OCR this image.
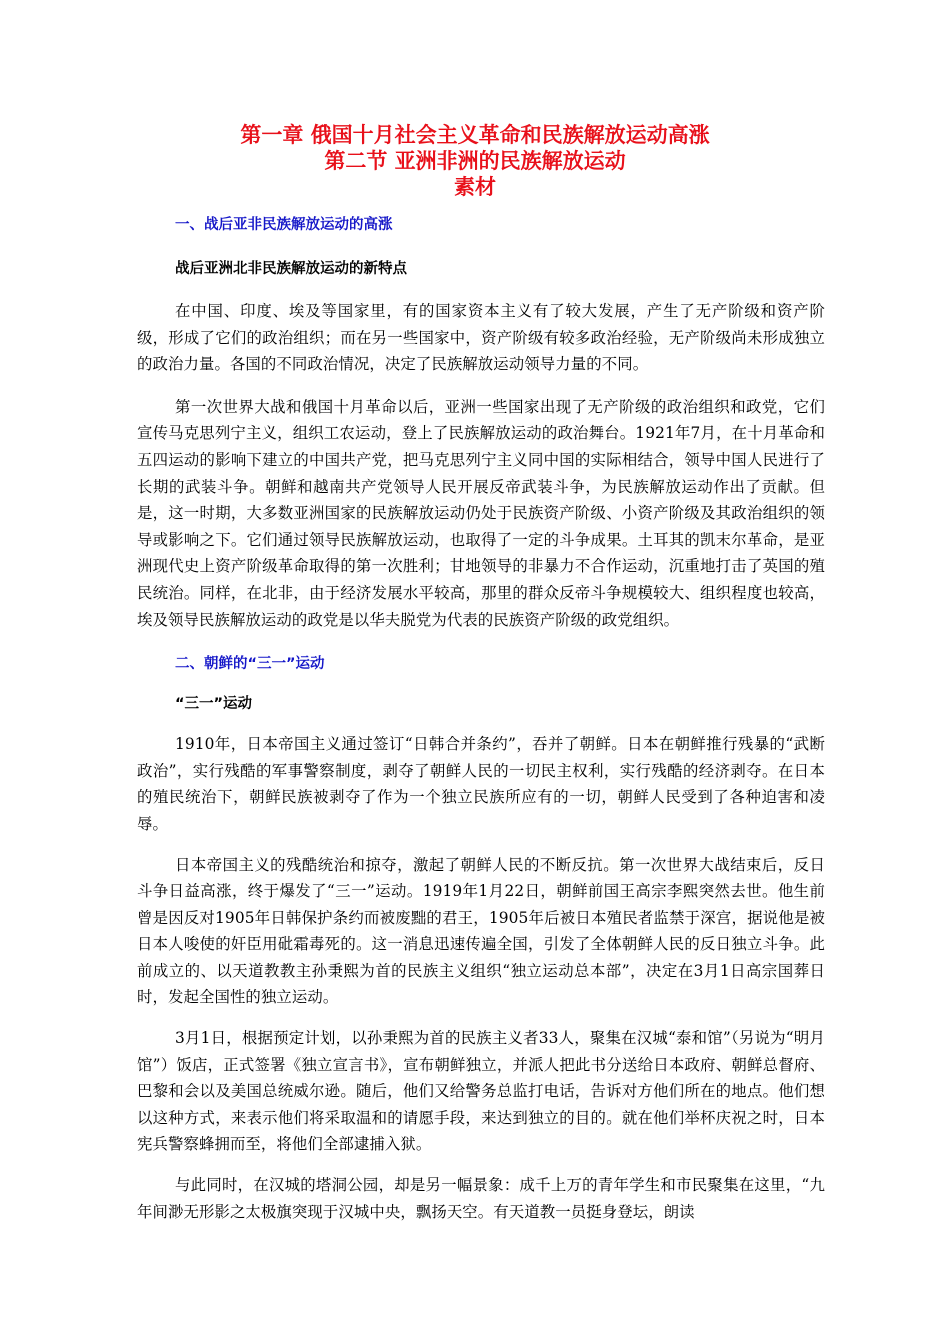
第一章 俄国十月社会主义革命和民族解放运动高涨
第二节 亚洲非洲的民族解放运动
素材
一、战后亚非民族解放运动的高涨
战后亚洲北非民族解放运动的新特点

在中国、印度、埃及等国家里，有的国家资本主义有了较大发展，产生了无产阶级和资产阶级，形成了它们的政治组织；而在另一些国家中，资产阶级有较多政治经验，无产阶级尚未形成独立的政治力量。各国的不同政治情况，决定了民族解放运动领导力量的不同。

第一次世界大战和俄国十月革命以后，亚洲一些国家出现了无产阶级的政治组织和政党，它们宣传马克思列宁主义，组织工农运动，登上了民族解放运动的政治舞台。1921年7月，在十月革命和五四运动的影响下建立的中国共产党，把马克思列宁主义同中国的实际相结合，领导中国人民进行了长期的武装斗争。朝鲜和越南共产党领导人民开展反帝武装斗争，为民族解放运动作出了贡献。但是，这一时期，大多数亚洲国家的民族解放运动仍处于民族资产阶级、小资产阶级及其政治组织的领导或影响之下。它们通过领导民族解放运动，也取得了一定的斗争成果。土耳其的凯末尔革命，是亚洲现代史上资产阶级革命取得的第一次胜利；甘地领导的非暴力不合作运动，沉重地打击了英国的殖民统治。同样，在北非，由于经济发展水平较高，那里的群众反帝斗争规模较大、组织程度也较高，埃及领导民族解放运动的政党是以华夫脱党为代表的民族资产阶级的政党组织。

二、朝鲜的“三一”运动
“三一”运动

1910年，日本帝国主义通过签订“日韩合并条约”，吞并了朝鲜。日本在朝鲜推行残暴的“武断政治”，实行残酷的军事警察制度，剥夺了朝鲜人民的一切民主权利，实行残酷的经济剥夺。在日本的殖民统治下，朝鲜民族被剥夺了作为一个独立民族所应有的一切，朝鲜人民受到了各种迫害和凌辱。

日本帝国主义的残酷统治和掠夺，激起了朝鲜人民的不断反抗。第一次世界大战结束后，反日斗争日益高涨，终于爆发了“三一”运动。1919年1月22日，朝鲜前国王高宗李熙突然去世。他生前曾是因反对1905年日韩保护条约而被废黜的君王，1905年后被日本殖民者监禁于深宫，据说他是被日本人唆使的奸臣用砒霜毒死的。这一消息迅速传遍全国，引发了全体朝鲜人民的反日独立斗争。此前成立的、以天道教教主孙秉熙为首的民族主义组织“独立运动总本部”，决定在3月1日高宗国葬日时，发起全国性的独立运动。

3月1日，根据预定计划，以孙秉熙为首的民族主义者33人，聚集在汉城“泰和馆”（另说为“明月馆”）饭店，正式签署《独立宣言书》，宣布朝鲜独立，并派人把此书分送给日本政府、朝鲜总督府、巴黎和会以及美国总统威尔逊。随后，他们又给警务总监打电话，告诉对方他们所在的地点。他们想以这种方式，来表示他们将采取温和的请愿手段，来达到独立的目的。就在他们举杯庆祝之时，日本宪兵警察蜂拥而至，将他们全部逮捕入狱。

与此同时，在汉城的塔洞公园，却是另一幅景象：成千上万的青年学生和市民聚集在这里，“九年间渺无形影之太极旗突现于汉城中央，飘扬天空。有天道教一员挺身登坛，朗读
